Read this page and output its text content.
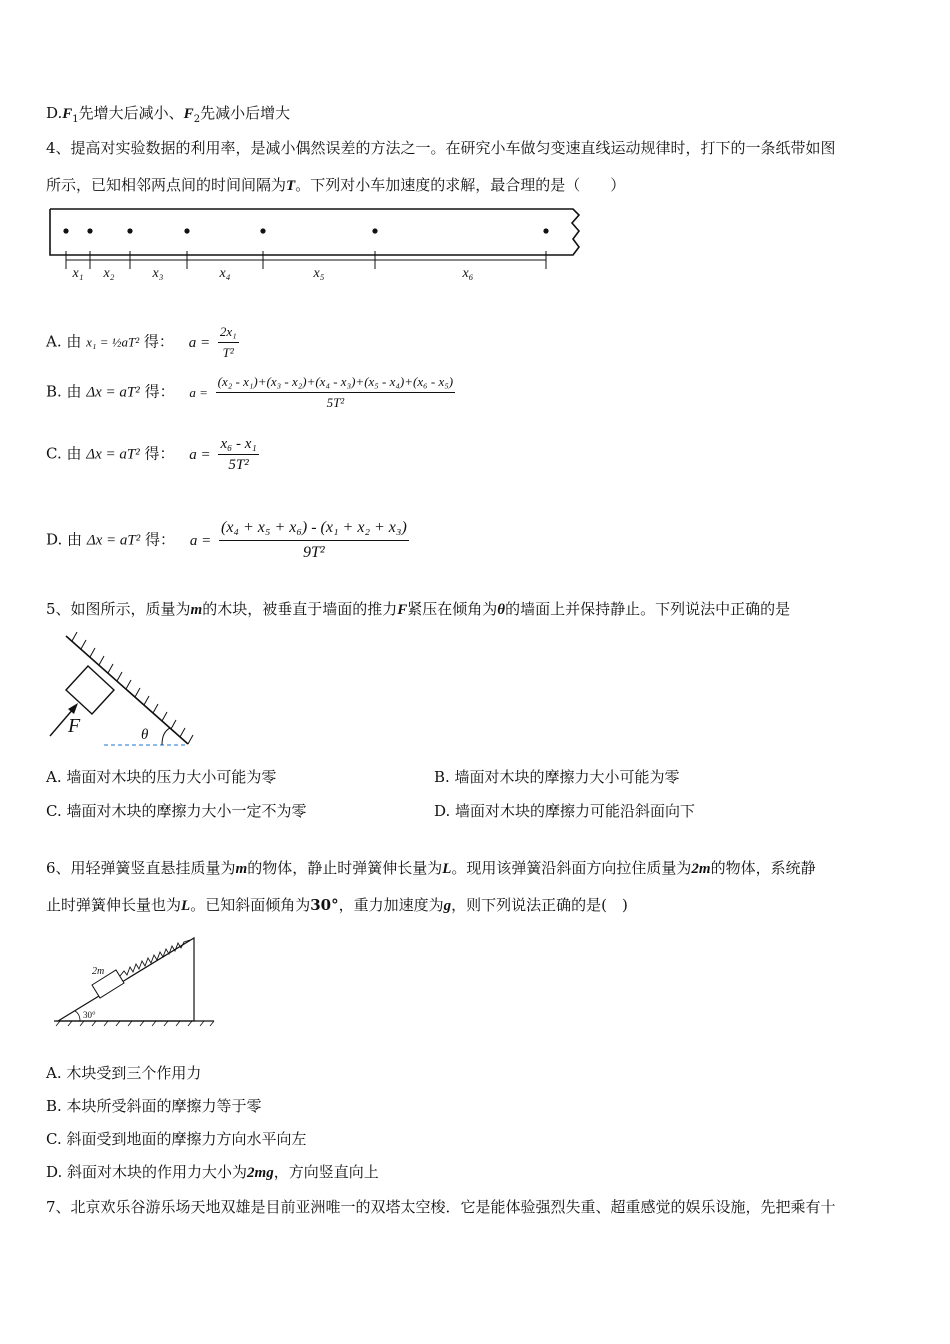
$D.F_1$先增大后减小、$F_2$先减小后增大
4、提高对实验数据的利用率，是减小偶然误差的方法之一。在研究小车做匀变速直线运动规律时，打下的一条纸带如图
所示，已知相邻两点间的时间间隔为T。下列对小车加速度的求解，最合理的是（　　）
x₁ x₂	x₃	x₄	x₅	x₆
A. 由 x₁ = ½aT² 得： $a = \frac{\text{2x₁}}{\text{T²}}$
B. 由 Δx = aT² 得： $a = \frac{\text{(x₂ - x₁)+(x₃ - x₂)+(x₄ - x₃)+(x₅ - x₄)+(x₆ - x₅)}}{\text{5T²}}$
C. 由 Δx = aT² 得： $a = \frac{\text{x₆ - x₁}}{\text{5T²}}$
D. 由 Δx = aT² 得： $a = \frac{\text{(x₄ + x₅ + x₆) - (x₁ + x₂ + x₃)}}{\text{9T²}}$
5、如图所示，质量为m的木块，被垂直于墙面的推力F紧压在倾角为θ的墙面上并保持静止。下列说法中正确的是
F	θ
A. 墙面对木块的压力大小可能为零	B. 墙面对木块的摩擦力大小可能为零
C. 墙面对木块的摩擦力大小一定不为零	D. 墙面对木块的摩擦力可能沿斜面向下
6、用轻弹簧竖直悬挂质量为m的物体，静止时弹簧伸长量为L。现用该弹簧沿斜面方向拉住质量为2m的物体，系统静
止时弹簧伸长量也为L。已知斜面倾角为30°，重力加速度为g，则下列说法正确的是(　)
2m
30°
A. 木块受到三个作用力
B. 本块所受斜面的摩擦力等于零
C. 斜面受到地面的摩擦力方向水平向左
D. 斜面对木块的作用力大小为2mg，方向竖直向上
7、北京欢乐谷游乐场天地双雄是目前亚洲唯一的双塔太空梭．它是能体验强烈失重、超重感觉的娱乐设施，先把乘有十
